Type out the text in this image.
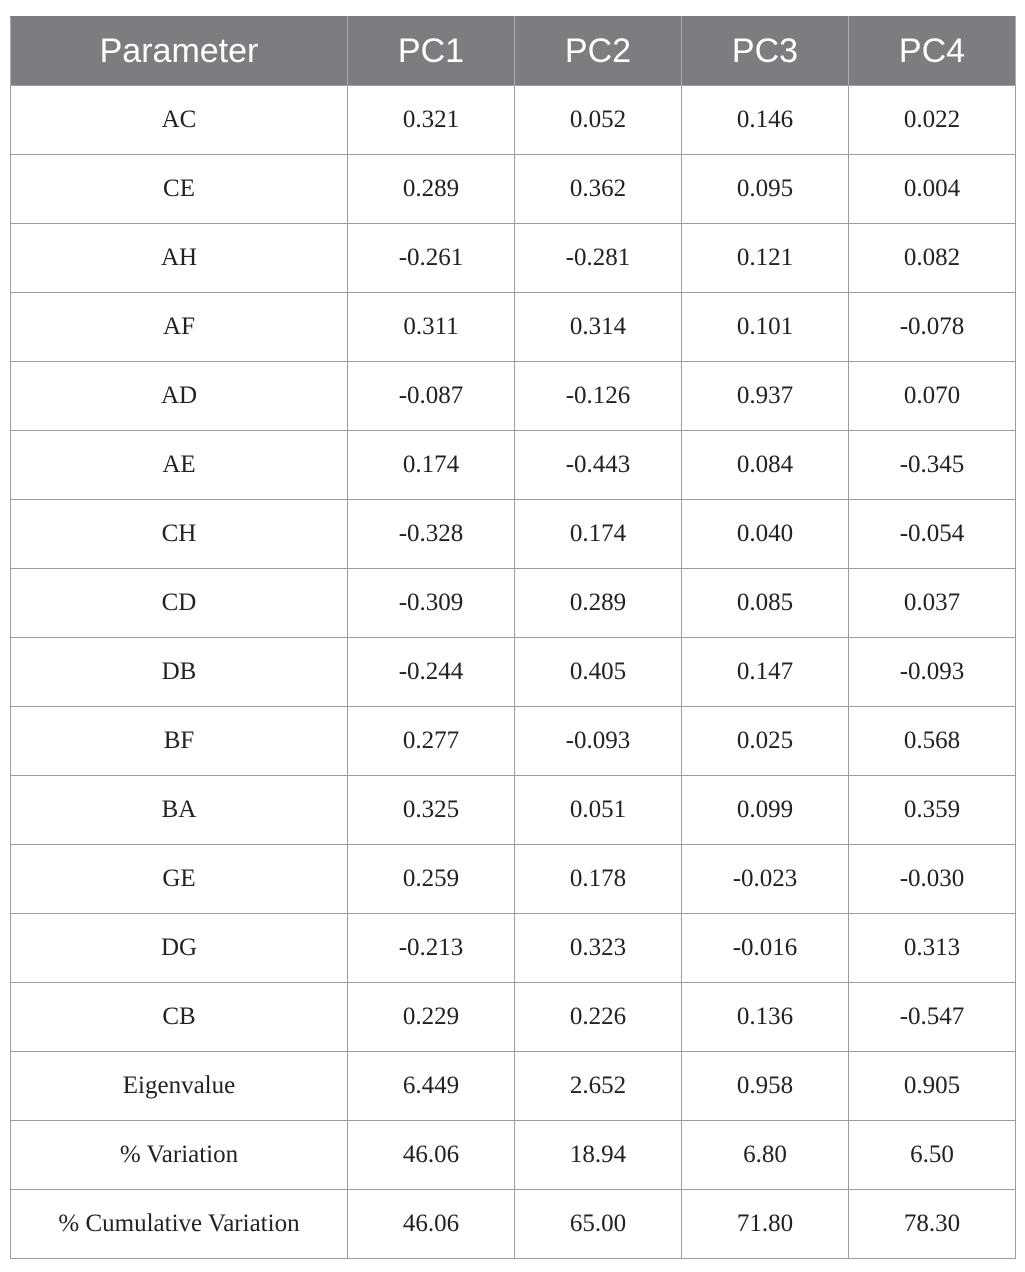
Parameter	PC1	PC2	PC3	PC4
AC	0.321	0.052	0.146	0.022
CE	0.289	0.362	0.095	0.004
AH	-0.261	-0.281	0.121	0.082
AF	0.311	0.314	0.101	-0.078
AD	-0.087	-0.126	0.937	0.070
AE	0.174	-0.443	0.084	-0.345
CH	-0.328	0.174	0.040	-0.054
CD	-0.309	0.289	0.085	0.037
DB	-0.244	0.405	0.147	-0.093
BF	0.277	-0.093	0.025	0.568
BA	0.325	0.051	0.099	0.359
GE	0.259	0.178	-0.023	-0.030
DG	-0.213	0.323	-0.016	0.313
CB	0.229	0.226	0.136	-0.547
Eigenvalue	6.449	2.652	0.958	0.905
% Variation	46.06	18.94	6.80	6.50
% Cumulative Variation	46.06	65.00	71.80	78.30
